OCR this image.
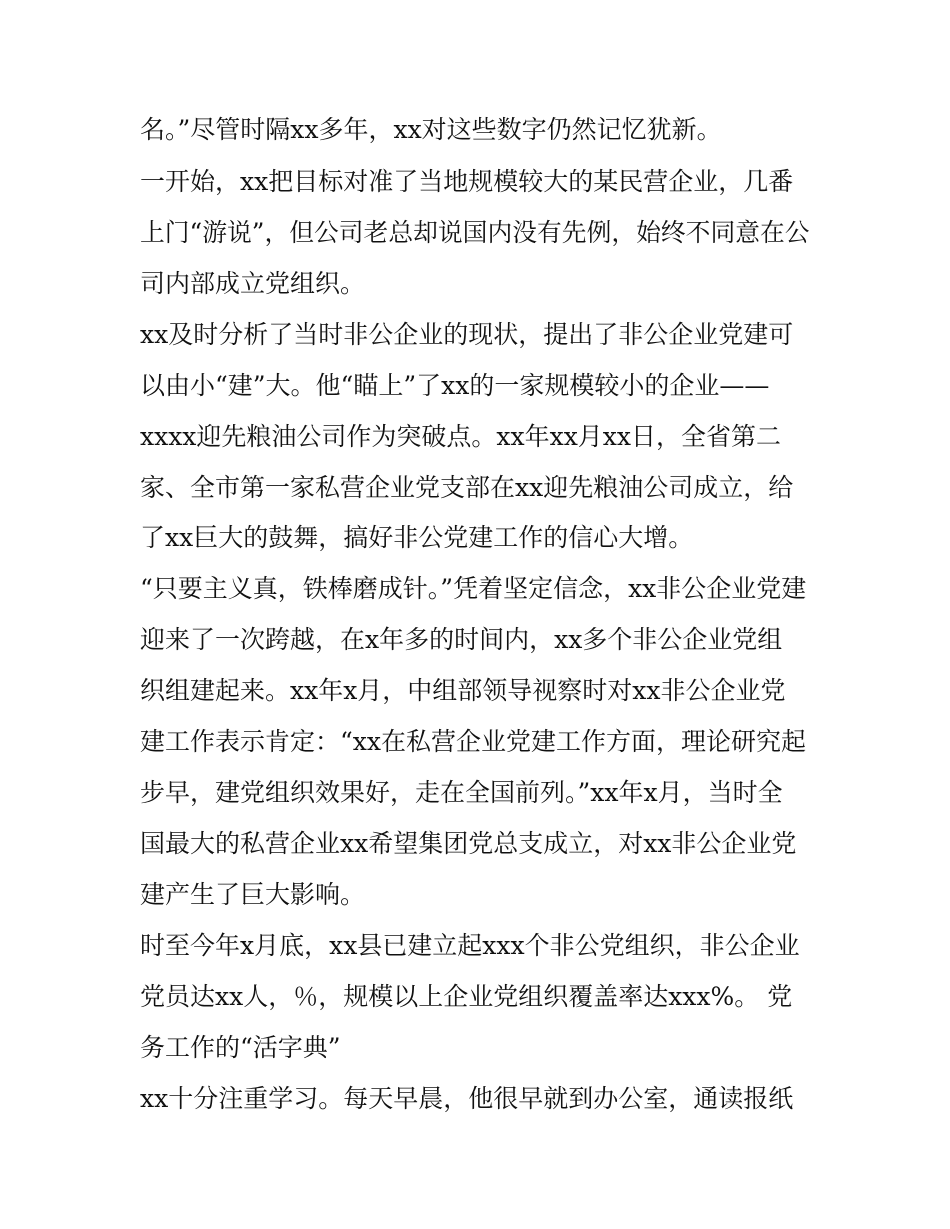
名。”尽管时隔xx多年，xx对这些数字仍然记忆犹新。
一开始，xx把目标对准了当地规模较大的某民营企业，几番
上门“游说”，但公司老总却说国内没有先例，始终不同意在公
司内部成立党组织。
xx及时分析了当时非公企业的现状，提出了非公企业党建可
以由小“建”大。他“瞄上”了xx的一家规模较小的企业——
xxxx迎先粮油公司作为突破点。xx年xx月xx日，全省第二
家、全市第一家私营企业党支部在xx迎先粮油公司成立，给
了xx巨大的鼓舞，搞好非公党建工作的信心大增。
“只要主义真，铁棒磨成针。”凭着坚定信念，xx非公企业党建
迎来了一次跨越，在x年多的时间内，xx多个非公企业党组
织组建起来。xx年x月，中组部领导视察时对xx非公企业党
建工作表示肯定：“xx在私营企业党建工作方面，理论研究起
步早，建党组织效果好，走在全国前列。”xx年x月，当时全
国最大的私营企业xx希望集团党总支成立，对xx非公企业党
建产生了巨大影响。
时至今年x月底，xx县已建立起xxx个非公党组织，非公企业
党员达xx人，％，规模以上企业党组织覆盖率达xxx%。 党
务工作的“活字典”
xx十分注重学习。每天早晨，他很早就到办公室，通读报纸
